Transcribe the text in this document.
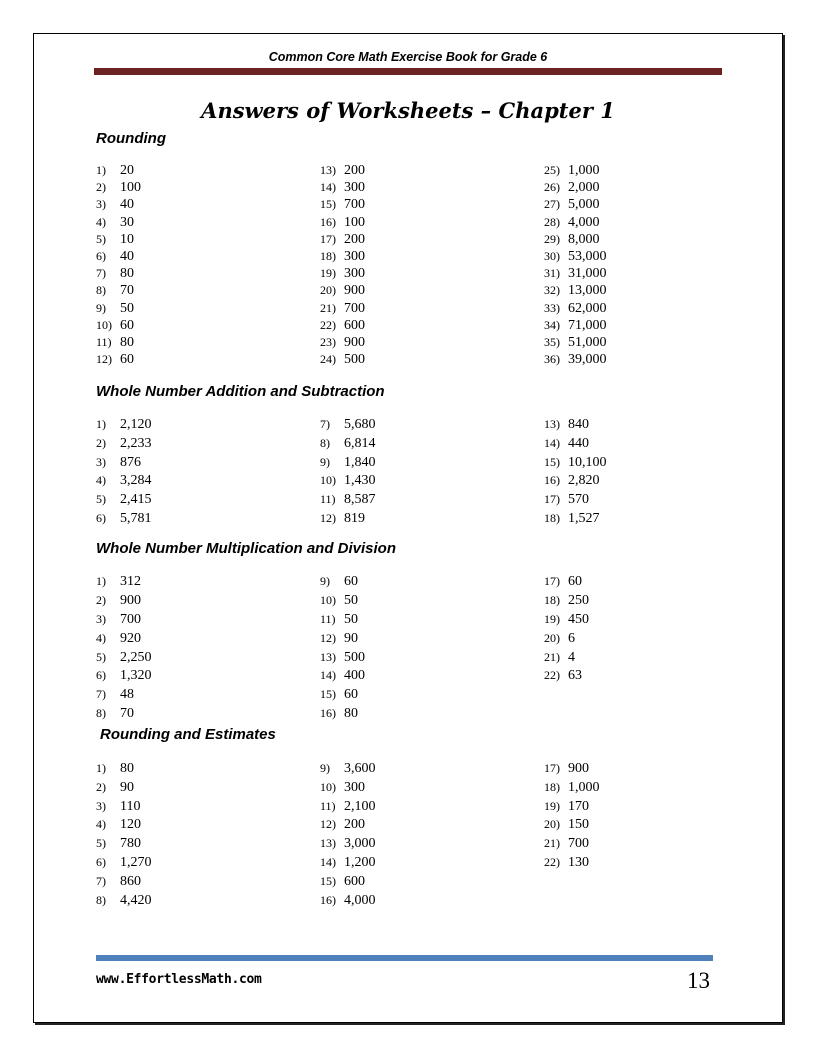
Common Core Math Exercise Book for Grade 6
Answers of Worksheets – Chapter 1
Rounding
1)	20
2)	100
3)	40
4)	30
5)	10
6)	40
7)	80
8)	70
9)	50
10) 60
11) 80
12) 60
13) 200
14) 300
15) 700
16) 100
17) 200
18) 300
19) 300
20) 900
21) 700
22) 600
23) 900
24) 500
25) 1,000
26) 2,000
27) 5,000
28) 4,000
29) 8,000
30) 53,000
31) 31,000
32) 13,000
33) 62,000
34) 71,000
35) 51,000
36) 39,000
Whole Number Addition and Subtraction
1)	2,120
2)	2,233
3)	876
4)	3,284
5)	2,415
6)	5,781
7)	5,680
8)	6,814
9)	1,840
10) 1,430
11) 8,587
12) 819
13) 840
14) 440
15) 10,100
16) 2,820
17) 570
18) 1,527
Whole Number Multiplication and Division
1)	312
2)	900
3)	700
4)	920
5)	2,250
6)	1,320
7)	48
8)	70
9)	60
10) 50
11) 50
12) 90
13) 500
14) 400
15) 60
16) 80
17) 60
18) 250
19) 450
20) 6
21) 4
22) 63
Rounding and Estimates
1)	80
2)	90
3)	110
4)	120
5)	780
6)	1,270
7)	860
8)	4,420
9)	3,600
10) 300
11) 2,100
12) 200
13) 3,000
14) 1,200
15) 600
16) 4,000
17) 900
18) 1,000
19) 170
20) 150
21) 700
22) 130
www.EffortlessMath.com	13
